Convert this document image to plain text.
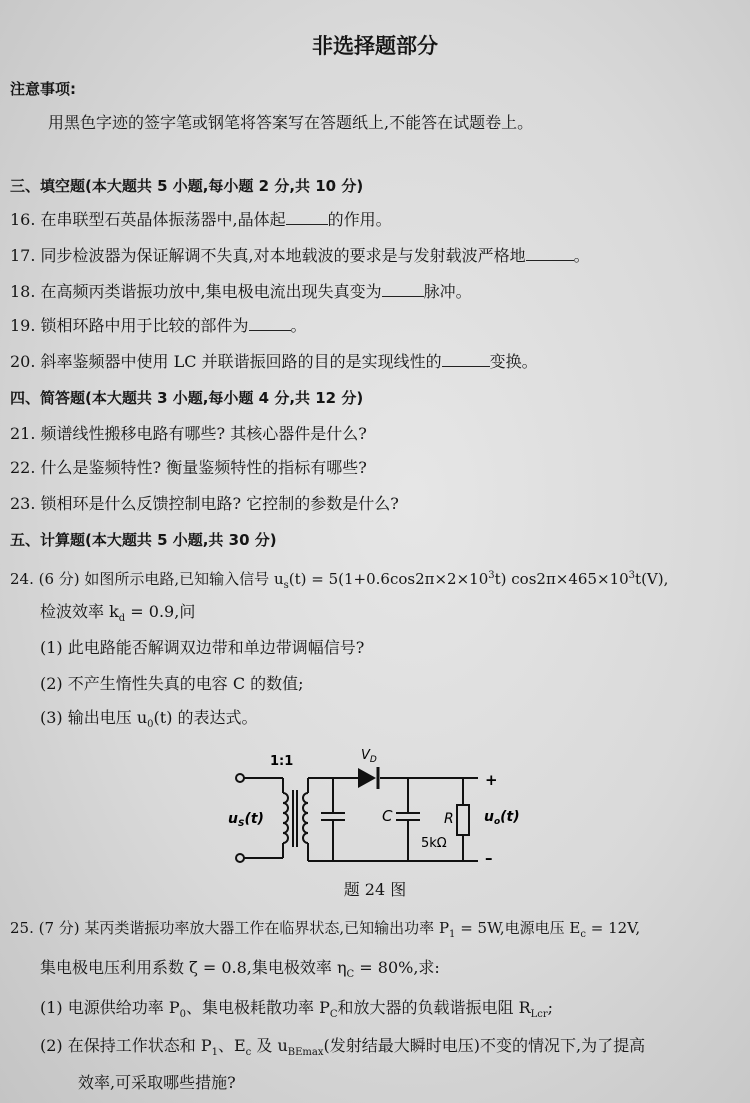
非选择题部分
注意事项:
用黑色字迹的签字笔或钢笔将答案写在答题纸上,不能答在试题卷上。
三、填空题(本大题共 5 小题,每小题 2 分,共 10 分)
16. 在串联型石英晶体振荡器中,晶体起	的作用。
17. 同步检波器为保证解调不失真,对本地载波的要求是与发射载波严格地	。
18. 在高频丙类谐振功放中,集电极电流出现失真变为	脉冲。
19. 锁相环路中用于比较的部件为	。
20. 斜率鉴频器中使用 LC 并联谐振回路的目的是实现线性的	变换。
四、简答题(本大题共 3 小题,每小题 4 分,共 12 分)
21. 频谱线性搬移电路有哪些? 其核心器件是什么?
22. 什么是鉴频特性? 衡量鉴频特性的指标有哪些?
23. 锁相环是什么反馈控制电路? 它控制的参数是什么?
五、计算题(本大题共 5 小题,共 30 分)
24. (6 分) 如图所示电路,已知输入信号 $u_s(t) = 5(1+0.6\cos 2\pi\times 2\times 10^3t)$ $\cos 2\pi\times 465\times 10^3t(V)$,
检波效率 $k_d = 0.9$,问
(1) 此电路能否解调双边带和单边带调幅信号?
(2) 不产生惰性失真的电容 C 的数值;
(3) 输出电压 $u_0(t)$ 的表达式。
1:1	$V_D$
$u_S(t)$	C	R
5kΩ
$u_o(t)$
+
–
题 24 图
25. (7 分) 某丙类谐振功率放大器工作在临界状态,已知输出功率 $P_1 = 5W$,电源电压 $E_c = 12V$,
集电极电压利用系数 ζ = 0.8,集电极效率 $\eta_C = 80\%$,求:
(1) 电源供给功率 $P_0$、集电极耗散功率 $P_C$和放大器的负载谐振电阻 $R_{Lcr}$;
(2) 在保持工作状态和 $P_1$、$E_c$ 及 $u_{BEmax}$(发射结最大瞬时电压)不变的情况下,为了提高
效率,可采取哪些措施?
